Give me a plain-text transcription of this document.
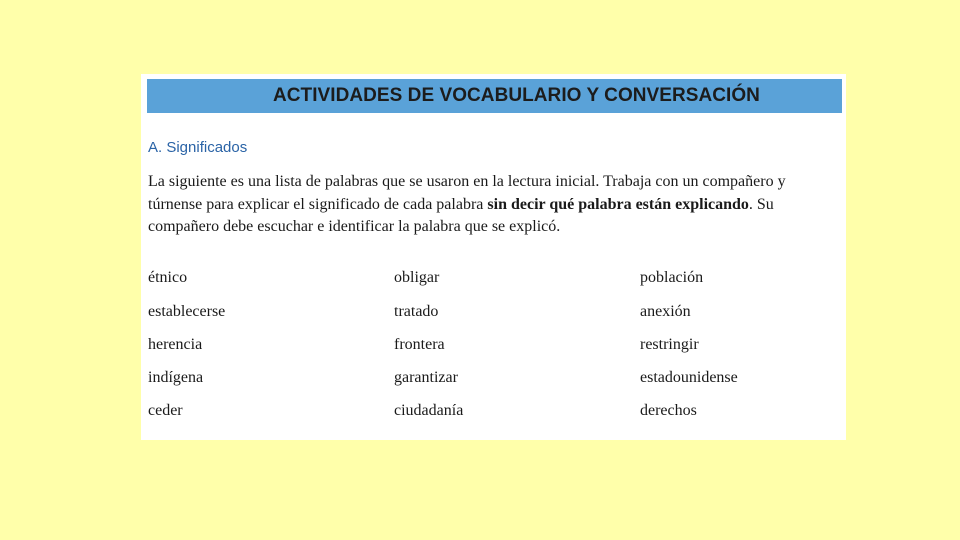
ACTIVIDADES DE VOCABULARIO Y CONVERSACIÓN
A. Significados
La siguiente es una lista de palabras que se usaron en la lectura inicial. Trabaja con un compañero y túrnense para explicar el significado de cada palabra sin decir qué palabra están explicando. Su compañero debe escuchar e identificar la palabra que se explicó.
étnico	obligar	población
establecerse	tratado	anexión
herencia	frontera	restringir
indígena	garantizar	estadounidense
ceder	ciudadanía	derechos
